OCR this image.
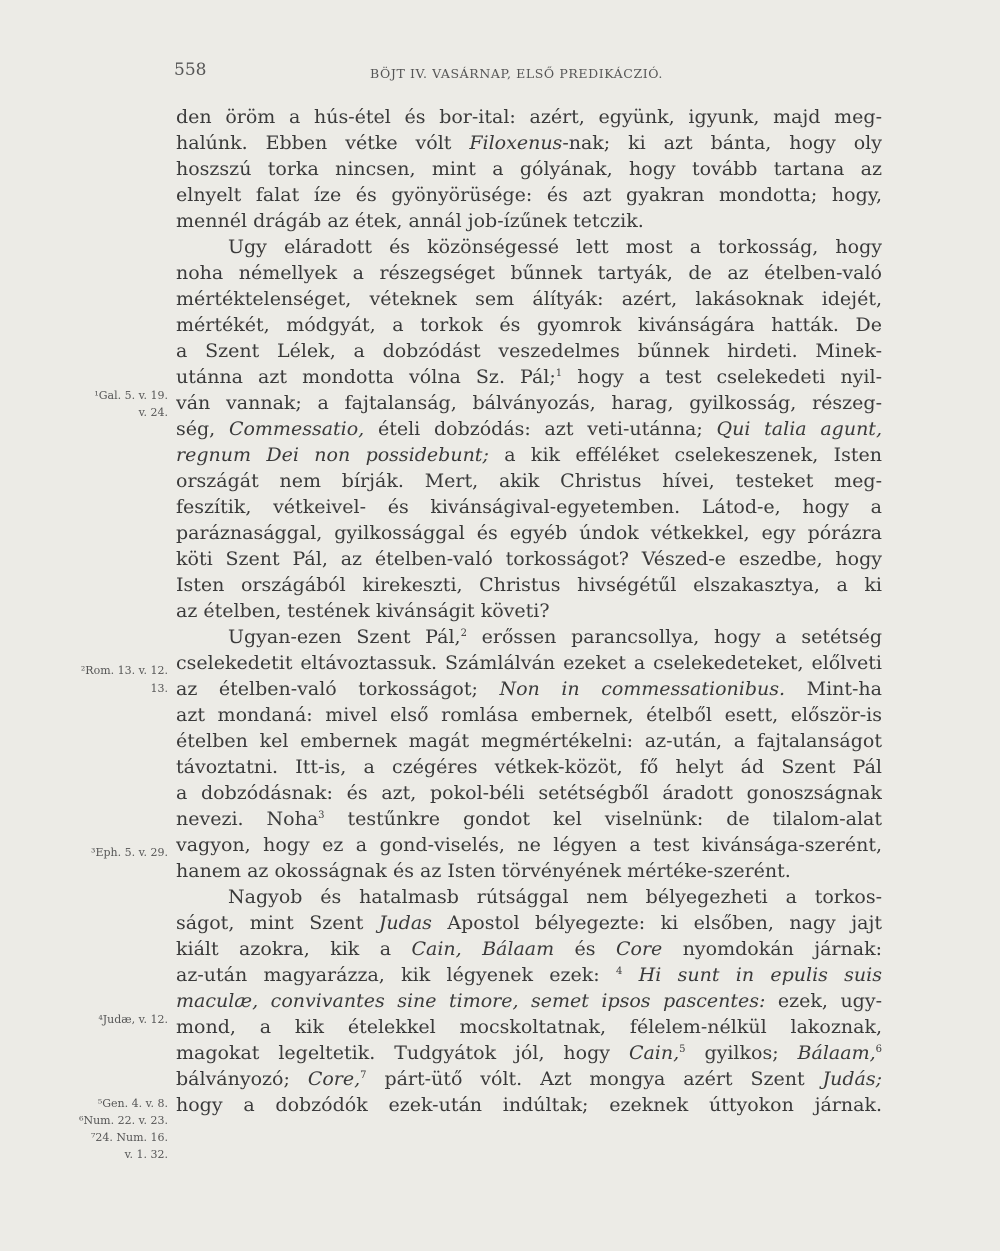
558	BÖJT IV. VASÁRNAP, ELSŐ PREDIKÁCZIÓ.
¹Gal. 5. v. 19.
v. 24.
²Rom. 13. v. 12.
13.
³Eph. 5. v. 29.
⁴Judæ, v. 12.
⁵Gen. 4. v. 8.
⁶Num. 22. v. 23.
⁷24. Num. 16.
v. 1. 32.
den öröm a hús-étel és bor-ital: azért, együnk, igyunk, majd meg-
halúnk. Ebben vétke vólt Filoxenus-nak; ki azt bánta, hogy oly
hoszszú torka nincsen, mint a gólyának, hogy tovább tartana az
elnyelt falat íze és gyönyörüsége: és azt gyakran mondotta; hogy,
mennél drágáb az étek, annál job-ízűnek tetczik.
Ugy eláradott és közönségessé lett most a torkosság, hogy
noha némellyek a részegséget bűnnek tartyák, de az ételben-való
mértéktelenséget, véteknek sem álítyák: azért, lakásoknak idejét,
mértékét, módgyát, a torkok és gyomrok kivánságára hatták. De
a Szent Lélek, a dobzódást veszedelmes bűnnek hirdeti. Minek-
utánna azt mondotta vólna Sz. Pál;$^1$ hogy a test cselekedeti nyil-
ván vannak; a fajtalanság, bálványozás, harag, gyilkosság, részeg-
ség, Commessatio, ételi dobzódás: azt veti-utánna; Qui talia agunt,
regnum Dei non possidebunt; a kik efféléket cselekeszenek, Isten
országát nem bírják. Mert, akik Christus hívei, testeket meg-
feszítik, vétkeivel- és kivánságival-egyetemben. Látod-e, hogy a
paráznasággal, gyilkossággal és egyéb úndok vétkekkel, egy pórázra
köti Szent Pál, az ételben-való torkosságot? Vészed-e eszedbe, hogy
Isten országából kirekeszti, Christus hivségétűl elszakasztya, a ki
az ételben, testének kivánságit követi?
Ugyan-ezen Szent Pál,$^2$ erőssen parancsollya, hogy a setétség
cselekedetit eltávoztassuk. Számlálván ezeket a cselekedeteket, előlveti
az ételben-való torkosságot; Non in commessationibus. Mint-ha
azt mondaná: mivel első romlása embernek, ételből esett, először-is
ételben kel embernek magát megmértékelni: az-után, a fajtalanságot
távoztatni. Itt-is, a czégéres vétkek-közöt, fő helyt ád Szent Pál
a dobzódásnak: és azt, pokol-béli setétségből áradott gonoszságnak
nevezi. Noha$^3$ testűnkre gondot kel viselnünk: de tilalom-alat
vagyon, hogy ez a gond-viselés, ne légyen a test kivánsága-szerént,
hanem az okosságnak és az Isten törvényének mértéke-szerént.
Nagyob és hatalmasb rútsággal nem bélyegezheti a torkos-
ságot, mint Szent Judas Apostol bélyegezte: ki elsőben, nagy jajt
kiált azokra, kik a Cain, Bálaam és Core nyomdokán járnak:
az-után magyarázza, kik légyenek ezek: $^4$ Hi sunt in epulis suis
maculæ, convivantes sine timore, semet ipsos pascentes: ezek, ugy-
mond, a kik ételekkel mocskoltatnak, félelem-nélkül lakoznak,
magokat legeltetik. Tudgyátok jól, hogy Cain,$^5$ gyilkos; Bálaam,$^6$
bálványozó; Core,$^7$ párt-ütő vólt. Azt mongya azért Szent Judás;
hogy a dobzódók ezek-után indúltak; ezeknek úttyokon járnak.
